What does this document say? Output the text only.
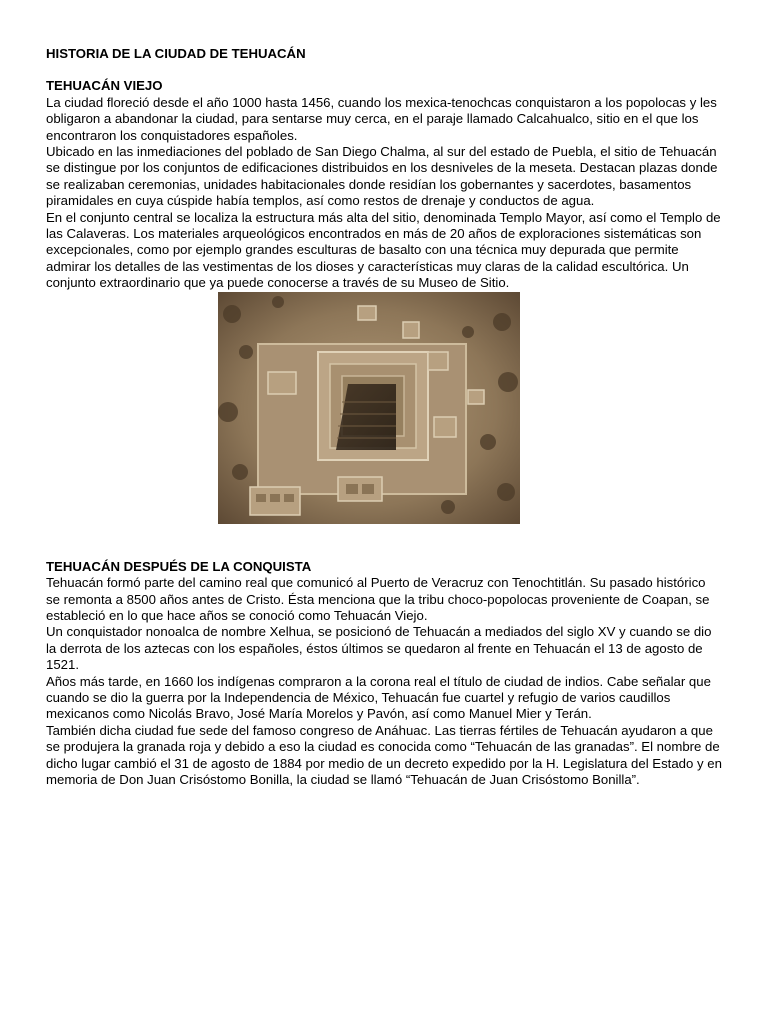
HISTORIA DE LA CIUDAD DE TEHUACÁN
TEHUACÁN VIEJO

La ciudad floreció desde el año 1000 hasta 1456, cuando los mexica-tenochcas conquistaron a los popolocas y les obligaron a abandonar la ciudad, para sentarse muy cerca, en el paraje llamado Calcahualco, sitio en el que los encontraron los conquistadores españoles.

Ubicado en las inmediaciones del poblado de San Diego Chalma, al sur del estado de Puebla, el sitio de Tehuacán se distingue por los conjuntos de edificaciones distribuidos en los desniveles de la meseta. Destacan plazas donde se realizaban ceremonias, unidades habitacionales donde residían los gobernantes y sacerdotes, basamentos piramidales en cuya cúspide había templos, así como restos de drenaje y conductos de agua.

En el conjunto central se localiza la estructura más alta del sitio, denominada Templo Mayor, así como el Templo de las Calaveras. Los materiales arqueológicos encontrados en más de 20 años de exploraciones sistemáticas son excepcionales, como por ejemplo grandes esculturas de basalto con una técnica muy depurada que permite admirar los detalles de las vestimentas de los dioses y características muy claras de la calidad escultórica. Un conjunto extraordinario que ya puede conocerse a través de su Museo de Sitio.

TEHUACÁN DESPUÉS DE LA CONQUISTA

Tehuacán formó parte del camino real que comunicó al Puerto de Veracruz con Tenochtitlán. Su pasado histórico se remonta a 8500 años antes de Cristo. Ésta menciona que la tribu choco-popolocas proveniente de Coapan, se estableció en lo que hace años se conoció como Tehuacán Viejo.

Un conquistador nonoalca de nombre Xelhua, se posicionó de Tehuacán a mediados del siglo XV y cuando se dio la derrota de los aztecas con los españoles, éstos últimos se quedaron al frente en Tehuacán el 13 de agosto de 1521.

Años más tarde, en 1660 los indígenas compraron a la corona real el título de ciudad de indios. Cabe señalar que cuando se dio la guerra por la Independencia de México, Tehuacán fue cuartel y refugio de varios caudillos mexicanos como Nicolás Bravo, José María Morelos y Pavón, así como Manuel Mier y Terán.

También dicha ciudad fue sede del famoso congreso de Anáhuac. Las tierras fértiles de Tehuacán ayudaron a que se produjera la granada roja y debido a eso la ciudad es conocida como “Tehuacán de las granadas”. El nombre de dicho lugar cambió el 31 de agosto de 1884 por medio de un decreto expedido por la H. Legislatura del Estado y en memoria de Don Juan Crisóstomo Bonilla, la ciudad se llamó “Tehuacán de Juan Crisóstomo Bonilla”.
